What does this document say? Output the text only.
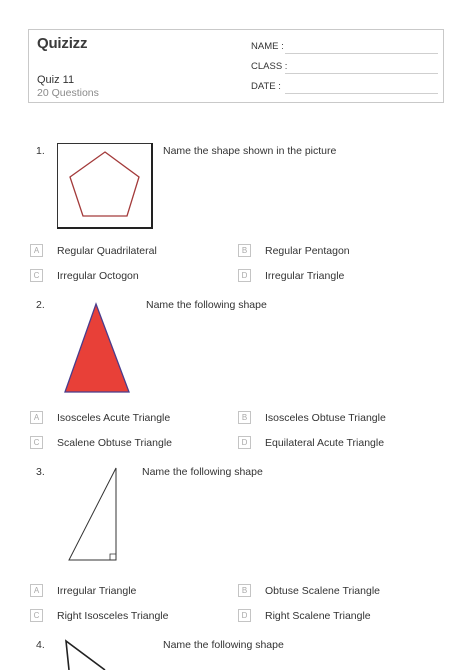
Quizizz
Quiz 11
20 Questions
NAME :
CLASS :
DATE :
1.	Name the shape shown in the picture
A	Regular Quadrilateral	B	Regular Pentagon
C	Irregular Octogon	D	Irregular Triangle
2.	Name the following shape
A	Isosceles Acute Triangle	B	Isosceles Obtuse Triangle
C	Scalene Obtuse Triangle	D	Equilateral Acute Triangle
3.	Name the following shape
A	Irregular Triangle	B	Obtuse Scalene Triangle
C	Right Isosceles Triangle	D	Right Scalene Triangle
4.	Name the following shape
